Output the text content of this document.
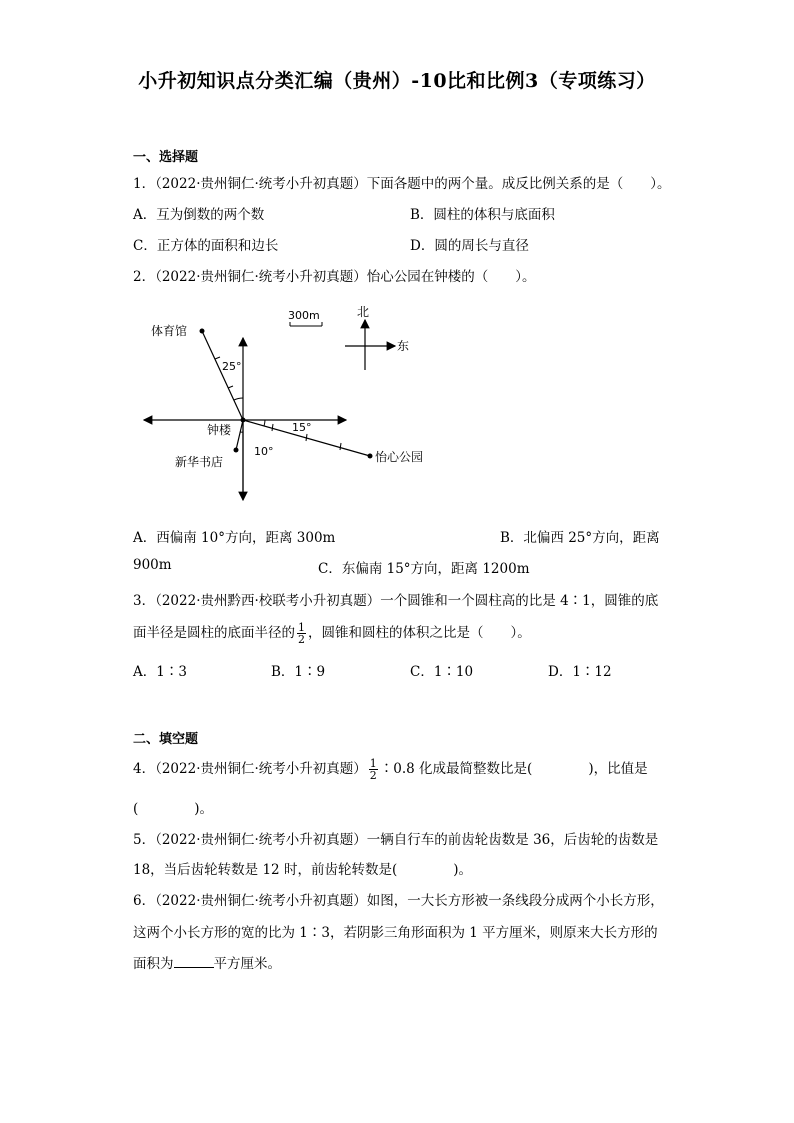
小升初知识点分类汇编（贵州）-10比和比例3（专项练习）
一、选择题
1．（2022·贵州铜仁·统考小升初真题）下面各题中的两个量。成反比例关系的是（　　）。
A．互为倒数的两个数	B．圆柱的体积与底面积
C．正方体的面积和边长	D．圆的周长与直径
2．（2022·贵州铜仁·统考小升初真题）怡心公园在钟楼的（　　）。
300m	北
东
体育馆
钟楼
新华书店	怡心公园
25°
15°
10°
A．西偏南 10°方向，距离 300m	B．北偏西 25°方向，距离
900m	C．东偏南 15°方向，距离 1200m
3．（2022·贵州黔西·校联考小升初真题）一个圆锥和一个圆柱高的比是 4∶1，圆锥的底
面半径是圆柱的底面半径的 $\frac{1}{2}$ ，圆锥和圆柱的体积之比是（　　）。
A．1∶3	B．1∶9	C．1∶10	D．1∶12
二、填空题
4．（2022·贵州铜仁·统考小升初真题） $\frac{1}{2}$ ∶0.8 化成最简整数比是(	)，比值是
(	)。
5．（2022·贵州铜仁·统考小升初真题）一辆自行车的前齿轮齿数是 36，后齿轮的齿数是
18，当后齿轮转数是 12 时，前齿轮转数是(	)。
6．（2022·贵州铜仁·统考小升初真题）如图，一大长方形被一条线段分成两个小长方形，
这两个小长方形的宽的比为 1∶3，若阴影三角形面积为 1 平方厘米，则原来大长方形的
面积为	平方厘米。
